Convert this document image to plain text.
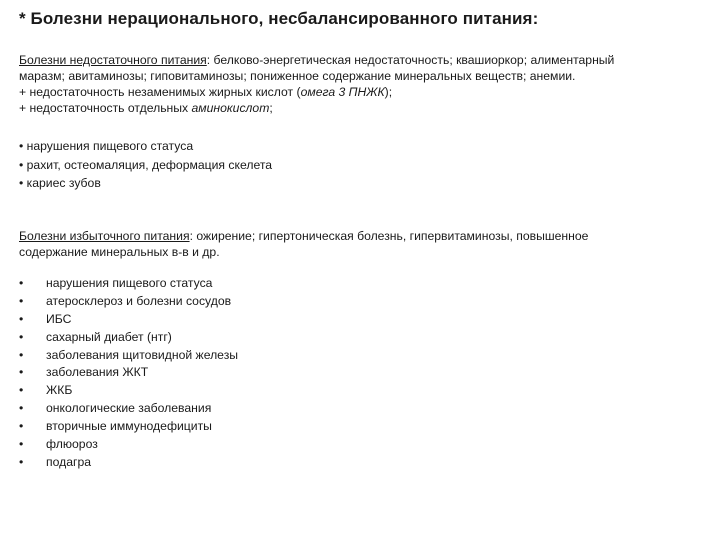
* Болезни нерационального, несбалансированного питания:
Болезни недостаточного питания: белково-энергетическая недостаточность; квашиоркор; алиментарный
маразм; авитаминозы; гиповитаминозы; пониженное содержание минеральных веществ; анемии.
+ недостаточность незаменимых жирных кислот (омега 3 ПНЖК);
+ недостаточность отдельных аминокислот;
• нарушения пищевого статуса
• рахит, остеомаляция, деформация скелета
• кариес зубов
Болезни избыточного питания: ожирение; гипертоническая болезнь, гипервитаминозы, повышенное
содержание минеральных в-в и др.
• нарушения пищевого статуса
• атеросклероз и болезни сосудов
• ИБС
• сахарный диабет (нтг)
• заболевания щитовидной железы
• заболевания ЖКТ
• ЖКБ
• онкологические заболевания
• вторичные иммунодефициты
• флюороз
• подагра
